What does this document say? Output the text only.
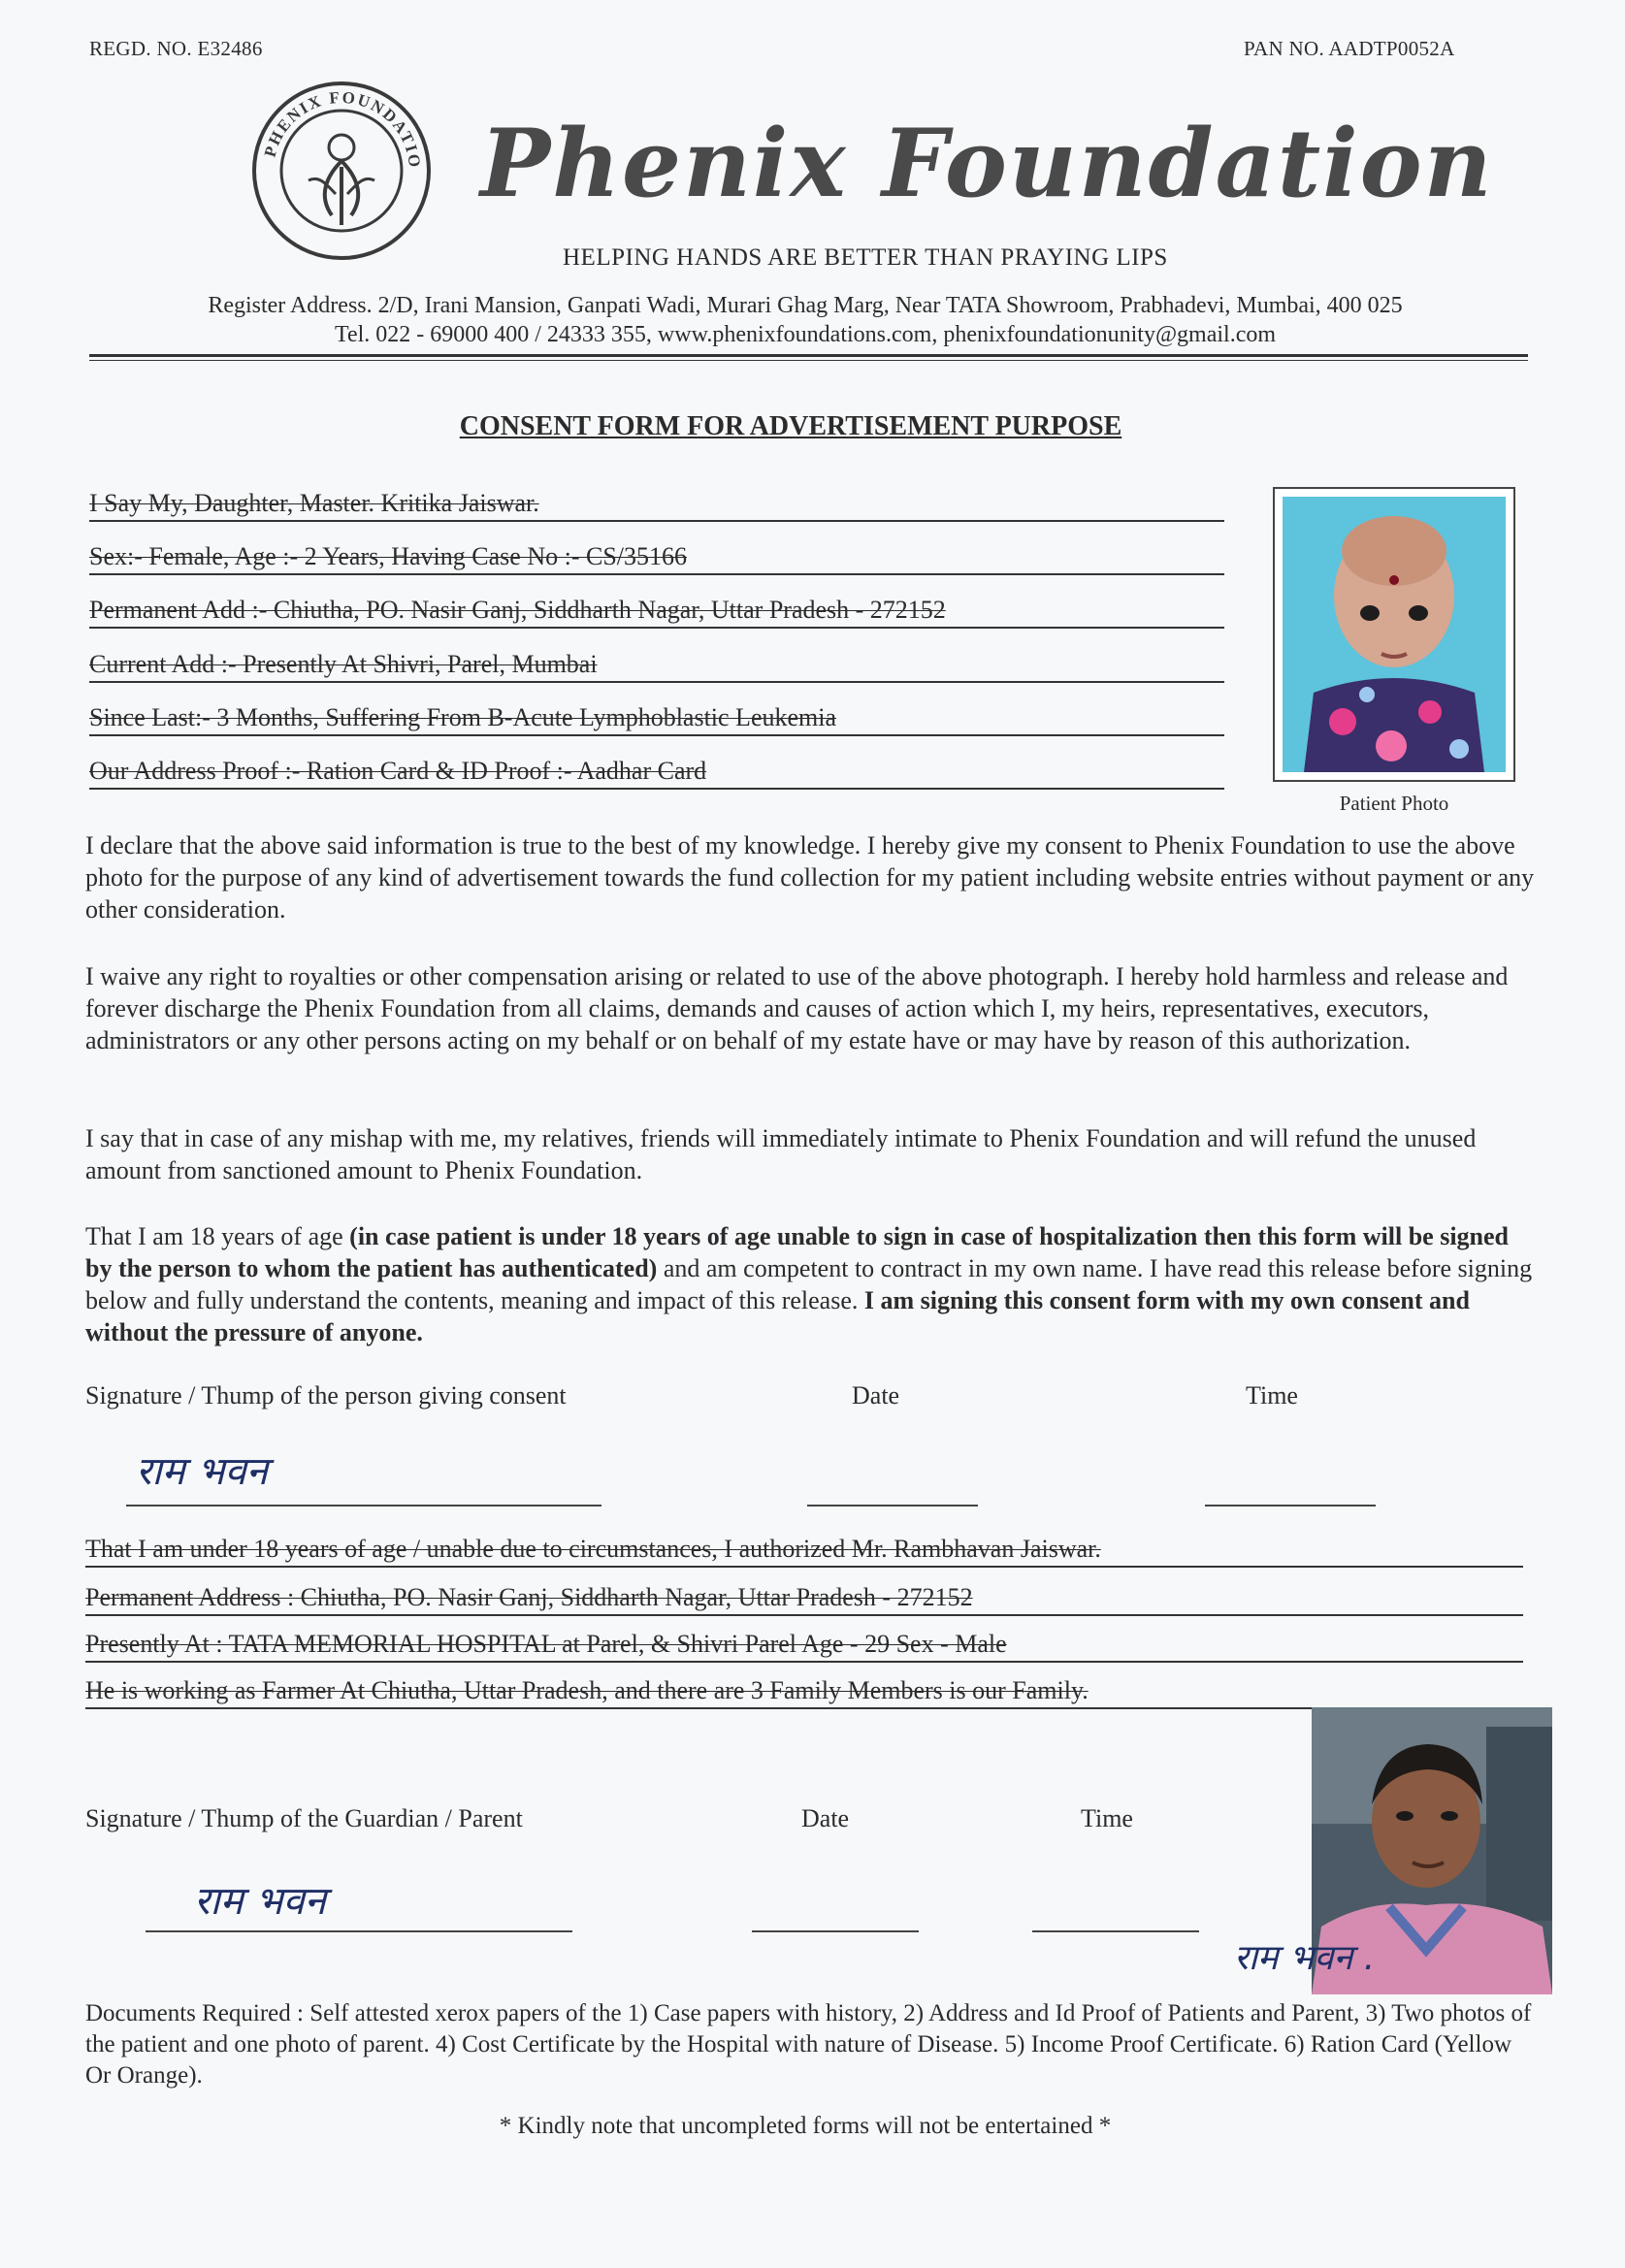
REGD. NO. E32486	PAN NO. AADTP0052A
PHENIX FOUNDATIO Phenix Foundation
HELPING HANDS ARE BETTER THAN PRAYING LIPS
Register Address. 2/D, Irani Mansion, Ganpati Wadi, Murari Ghag Marg, Near TATA Showroom, Prabhadevi, Mumbai, 400 025
Tel. 022 - 69000 400 / 24333 355, www.phenixfoundations.com, phenixfoundationunity@gmail.com
CONSENT FORM FOR ADVERTISEMENT PURPOSE
I Say My, Daughter, Master. Kritika Jaiswar.
Sex:- Female, Age :- 2 Years, Having Case No :- CS/35166
Permanent Add :- Chiutha, PO. Nasir Ganj, Siddharth Nagar, Uttar Pradesh - 272152
Current Add :- Presently At Shivri, Parel, Mumbai
Since Last:- 3 Months, Suffering From B-Acute Lymphoblastic Leukemia
Our Address Proof :- Ration Card & ID Proof :- Aadhar Card
Patient Photo
I declare that the above said information is true to the best of my knowledge. I hereby give my consent to Phenix Foundation to use the above photo for the purpose of any kind of advertisement towards the fund collection for my patient including website entries without payment or any other consideration.
I waive any right to royalties or other compensation arising or related to use of the above photograph. I hereby hold harmless and release and forever discharge the Phenix Foundation from all claims, demands and causes of action which I, my heirs, representatives, executors, administrators or any other persons acting on my behalf or on behalf of my estate have or may have by reason of this authorization.
I say that in case of any mishap with me, my relatives, friends will immediately intimate to Phenix Foundation and will refund the unused amount from sanctioned amount to Phenix Foundation.
That I am 18 years of age (in case patient is under 18 years of age unable to sign in case of hospitalization then this form will be signed by the person to whom the patient has authenticated) and am competent to contract in my own name. I have read this release before signing below and fully understand the contents, meaning and impact of this release. I am signing this consent form with my own consent and without the pressure of anyone.
Signature / Thump of the person giving consent	Date	Time
राम भवन
That I am under 18 years of age / unable due to circumstances, I authorized Mr. Rambhavan Jaiswar.
Permanent Address : Chiutha, PO. Nasir Ganj, Siddharth Nagar, Uttar Pradesh - 272152
Presently At : TATA MEMORIAL HOSPITAL at Parel, & Shivri Parel Age - 29 Sex - Male
He is working as Farmer At Chiutha, Uttar Pradesh, and there are 3 Family Members is our Family.
राम भवन .
Signature / Thump of the Guardian / Parent	Date	Time
राम भवन
Documents Required : Self attested xerox papers of the 1) Case papers with history, 2) Address and Id Proof of Patients and Parent, 3) Two photos of the patient and one photo of parent. 4) Cost Certificate by the Hospital with nature of Disease. 5) Income Proof Certificate. 6) Ration Card (Yellow Or Orange).
* Kindly note that uncompleted forms will not be entertained *
